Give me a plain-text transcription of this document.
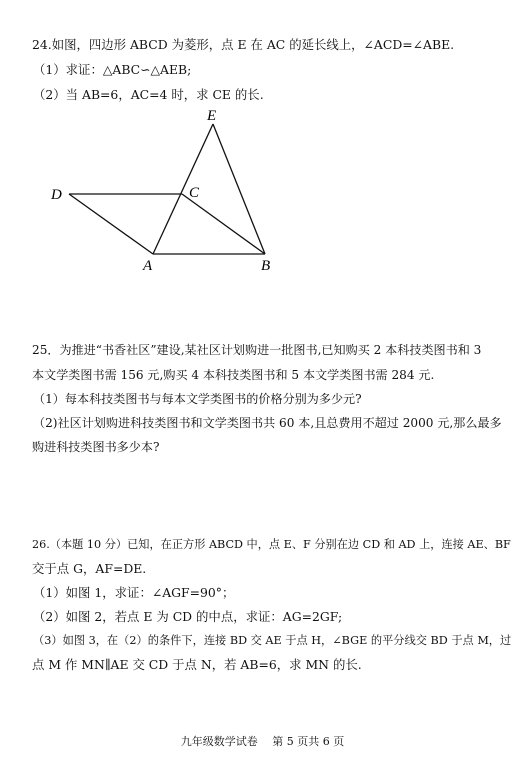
24.如图，四边形 ABCD 为菱形，点 E 在 AC 的延长线上，∠ACD=∠ABE.
（1）求证：△ABC∽△AEB;
（2）当 AB=6，AC=4 时，求 CE 的长.
E
D	C
A	B
25．为推进“书香社区”建设,某社区计划购进一批图书,已知购买 2 本科技类图书和 3
本文学类图书需 156 元,购买 4 本科技类图书和 5 本文学类图书需 284 元.
（1）每本科技类图书与每本文学类图书的价格分别为多少元?
（2)社区计划购进科技类图书和文学类图书共 60 本,且总费用不超过 2000 元,那么最多
购进科技类图书多少本?
26.（本题 10 分）已知，在正方形 ABCD 中，点 E、F 分别在边 CD 和 AD 上，连接 AE、BF
交于点 G，AF=DE.
（1）如图 1，求证：∠AGF=90°；
（2）如图 2，若点 E 为 CD 的中点，求证：AG=2GF;
（3）如图 3，在（2）的条件下，连接 BD 交 AE 于点 H，∠BGE 的平分线交 BD 于点 M，过
点 M 作 MN∥AE 交 CD 于点 N，若 AB=6，求 MN 的长.
九年级数学试卷　 第 5 页共 6 页
